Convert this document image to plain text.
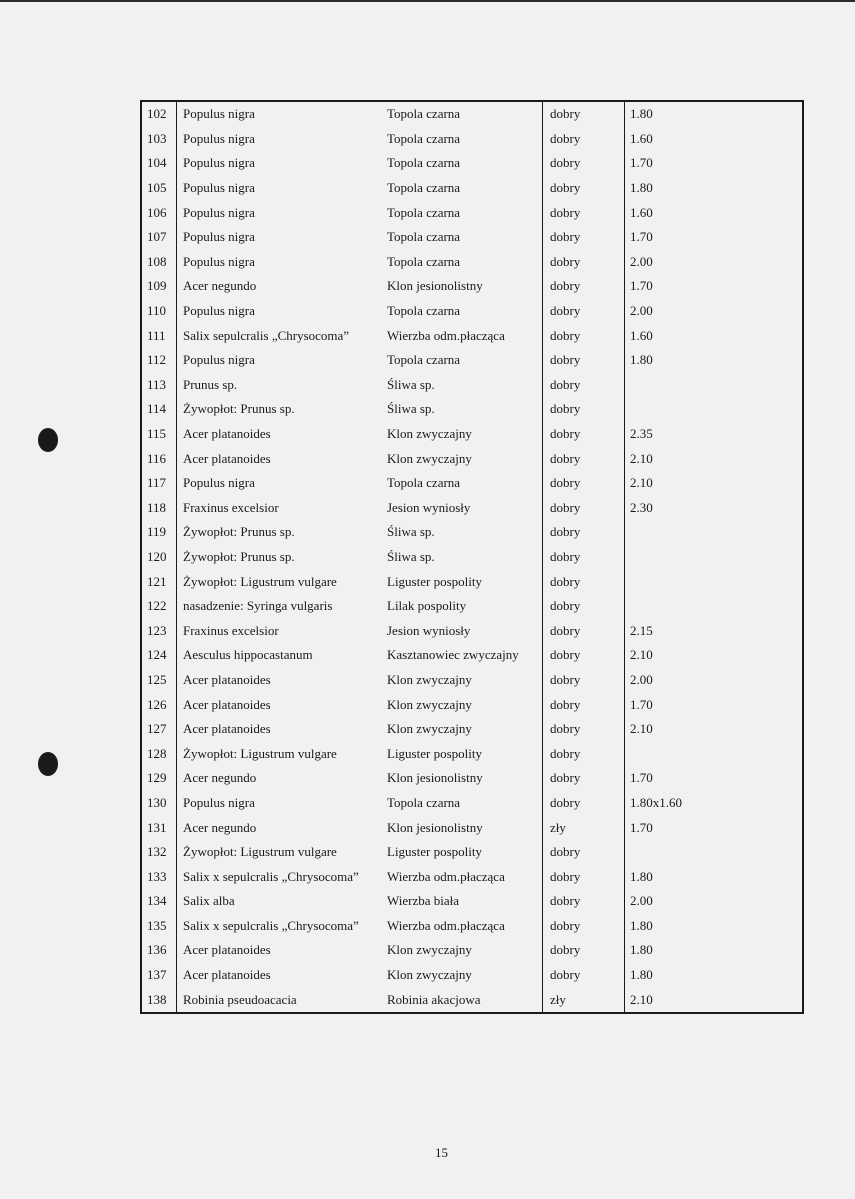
102	Populus nigra	Topola czarna	dobry	1.80
103	Populus nigra	Topola czarna	dobry	1.60
104	Populus nigra	Topola czarna	dobry	1.70
105	Populus nigra	Topola czarna	dobry	1.80
106	Populus nigra	Topola czarna	dobry	1.60
107	Populus nigra	Topola czarna	dobry	1.70
108	Populus nigra	Topola czarna	dobry	2.00
109	Acer negundo	Klon jesionolistny	dobry	1.70
110	Populus nigra	Topola czarna	dobry	2.00
111	Salix sepulcralis „Chrysocoma”	Wierzba odm.płacząca	dobry	1.60
112	Populus nigra	Topola czarna	dobry	1.80
113	Prunus sp.	Śliwa sp.	dobry	
114	Żywopłot: Prunus sp.	Śliwa sp.	dobry	
115	Acer platanoides	Klon zwyczajny	dobry	2.35
116	Acer platanoides	Klon zwyczajny	dobry	2.10
117	Populus nigra	Topola czarna	dobry	2.10
118	Fraxinus excelsior	Jesion wyniosły	dobry	2.30
119	Żywopłot: Prunus sp.	Śliwa sp.	dobry	
120	Żywopłot: Prunus sp.	Śliwa sp.	dobry	
121	Żywopłot: Ligustrum vulgare	Liguster pospolity	dobry	
122	nasadzenie: Syringa vulgaris	Lilak pospolity	dobry	
123	Fraxinus excelsior	Jesion wyniosły	dobry	2.15
124	Aesculus hippocastanum	Kasztanowiec zwyczajny	dobry	2.10
125	Acer platanoides	Klon zwyczajny	dobry	2.00
126	Acer platanoides	Klon zwyczajny	dobry	1.70
127	Acer platanoides	Klon zwyczajny	dobry	2.10
128	Żywopłot: Ligustrum vulgare	Liguster pospolity	dobry	
129	Acer negundo	Klon jesionolistny	dobry	1.70
130	Populus nigra	Topola czarna	dobry	1.80x1.60
131	Acer negundo	Klon jesionolistny	zły	1.70
132	Żywopłot: Ligustrum vulgare	Liguster pospolity	dobry	
133	Salix x sepulcralis „Chrysocoma”	Wierzba odm.płacząca	dobry	1.80
134	Salix alba	Wierzba biała	dobry	2.00
135	Salix x sepulcralis „Chrysocoma”	Wierzba odm.płacząca	dobry	1.80
136	Acer platanoides	Klon zwyczajny	dobry	1.80
137	Acer platanoides	Klon zwyczajny	dobry	1.80
138	Robinia pseudoacacia	Robinia akacjowa	zły	2.10
15
